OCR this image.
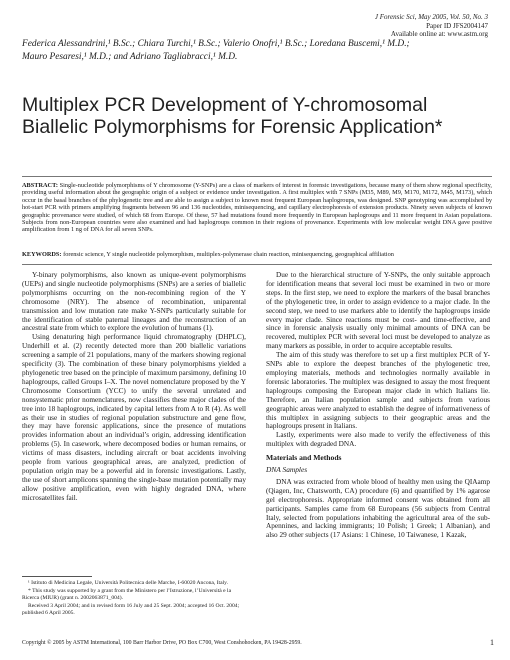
J Forensic Sci, May 2005, Vol. 50, No. 3
Paper ID JFS2004147
Available online at: www.astm.org
Federica Alessandrini,¹ B.Sc.; Chiara Turchi,¹ B.Sc.; Valerio Onofri,¹ B.Sc.; Loredana Buscemi,¹ M.D.;
Mauro Pesaresi,¹ M.D.; and Adriano Tagliabracci,¹ M.D.
Multiplex PCR Development of Y-chromosomal
Biallelic Polymorphisms for Forensic Application*
ABSTRACT: Single-nucleotide polymorphisms of Y chromosome (Y-SNPs) are a class of markers of interest in forensic investigations, because many of them show regional specificity, providing useful information about the geographic origin of a subject or evidence under investigation. A first multiplex with 7 SNPs (M35, M89, M9, M170, M172, M45, M173), which occur in the basal branches of the phylogenetic tree and are able to assign a subject to known most frequent European haplogroups, was designed. SNP genotyping was accomplished by hot-start PCR with primers amplifying fragments between 96 and 136 nucleotides, minisequencing, and capillary electrophoresis of extension products. Ninety seven subjects of known geographic provenance were studied, of which 68 from Europe. Of these, 57 had mutations found more frequently in European haplogroups and 11 more frequent in Asian populations. Subjects from non-European countries were also examined and had haplogroups common in their regions of provenance. Experiments with low molecular weight DNA gave positive amplification from 1 ng of DNA for all seven SNPs.
KEYWORDS: forensic science, Y single nucleotide polymorphism, multiplex-polymerase chain reaction, minisequencing, geographical affiliation

Y-binary polymorphisms, also known as unique-event polymorphisms (UEPs) and single nucleotide polymorphisms (SNPs) are a series of biallelic polymorphisms occurring on the non-recombining region of the Y chromosome (NRY). The absence of recombination, uniparental transmission and low mutation rate make Y-SNPs particularly suitable for the identification of stable paternal lineages and the reconstruction of an ancestral state from which to explore the evolution of humans (1).

Using denaturing high performance liquid chromatography (DHPLC), Underhill et al. (2) recently detected more than 200 biallelic variations screening a sample of 21 populations, many of the markers showing regional specificity (3). The combination of these binary polymorphisms yielded a phylogenetic tree based on the principle of maximum parsimony, defining 10 haplogroups, called Groups I–X. The novel nomenclature proposed by the Y Chromosome Consortium (YCC) to unify the several unrelated and nonsystematic prior nomenclatures, now classifies these major clades of the tree into 18 haplogroups, indicated by capital letters from A to R (4). As well as their use in studies of regional population substructure and gene flow, they may have forensic applications, since the presence of mutations provides information about an individual’s origin, addressing identification problems (5). In casework, where decomposed bodies or human remains, or victims of mass disasters, including aircraft or boat accidents involving people from various geographical areas, are analyzed, prediction of population origin may be a powerful aid in forensic investigations. Lastly, the use of short amplicons spanning the single-base mutation potentially may allow positive amplification, even with highly degraded DNA, where microsatellites fail.

¹ Istituto di Medicina Legale, Università Politecnica delle Marche, I-60020 Ancona, Italy.

* This study was supported by a grant from the Ministero per l’Istruzione, l’Università e la Ricerca (MIUR) (grant n. 2002063871_004).

Received 3 April 2004; and in revised form 16 July and 25 Sept. 2004; accepted 16 Oct. 2004; published 6 April 2005.

Due to the hierarchical structure of Y-SNPs, the only suitable approach for identification means that several loci must be examined in two or more steps. In the first step, we need to explore the markers of the basal branches of the phylogenetic tree, in order to assign evidence to a major clade. In the second step, we need to use markers able to identify the haplogroups inside every major clade. Since reactions must be cost- and time-effective, and since in forensic analysis usually only minimal amounts of DNA can be recovered, multiplex PCR with several loci must be developed to analyze as many markers as possible, in order to acquire acceptable results.

The aim of this study was therefore to set up a first multiplex PCR of Y-SNPs able to explore the deepest branches of the phylogenetic tree, employing materials, methods and technologies normally available in forensic laboratories. The multiplex was designed to assay the most frequent haplogroups composing the European major clade in which Italians lie. Therefore, an Italian population sample and subjects from various geographic areas were analyzed to establish the degree of informativeness of this multiplex in assigning subjects to their geographic areas and the haplogroups present in Italians.

Lastly, experiments were also made to verify the effectiveness of this multiplex with degraded DNA.

Materials and Methods

DNA Samples

DNA was extracted from whole blood of healthy men using the QIAamp (Qiagen, Inc, Chatsworth, CA) procedure (6) and quantified by 1% agarose gel electrophoresis. Appropriate informed consent was obtained from all participants. Samples came from 68 Europeans (56 subjects from Central Italy, selected from populations inhabiting the agricultural area of the sub-Apennines, and lacking immigrants; 10 Polish; 1 Greek; 1 Albanian), and also 29 other subjects (17 Asians: 1 Chinese, 10 Taiwanese, 1 Kazak,

Copyright © 2005 by ASTM International, 100 Barr Harbor Drive, PO Box C700, West Conshohocken, PA 19428-2959.	1
